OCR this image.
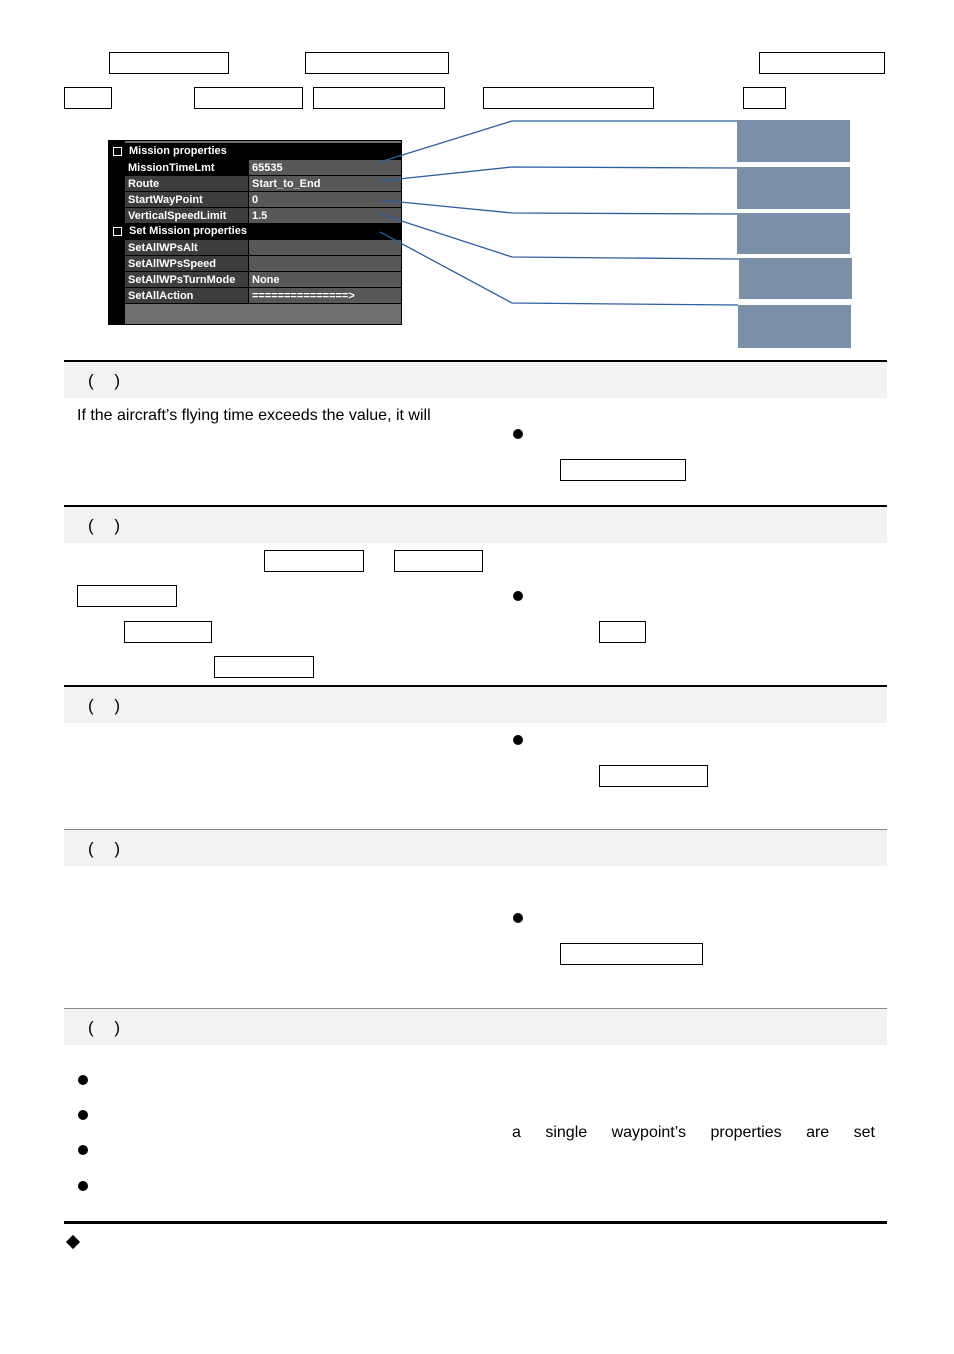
Mission properties
MissionTimeLmt	65535
Route	Start_to_End
StartWayPoint	0
VerticalSpeedLimit	1.5
Set Mission properties
SetAllWPsAlt
SetAllWPsSpeed
SetAllWPsTurnMode	None
SetAllAction	===============>
( )
If the aircraft’s flying time exceeds the value, it will
( )
( )
( )
( )
a single waypoint’s properties are set
